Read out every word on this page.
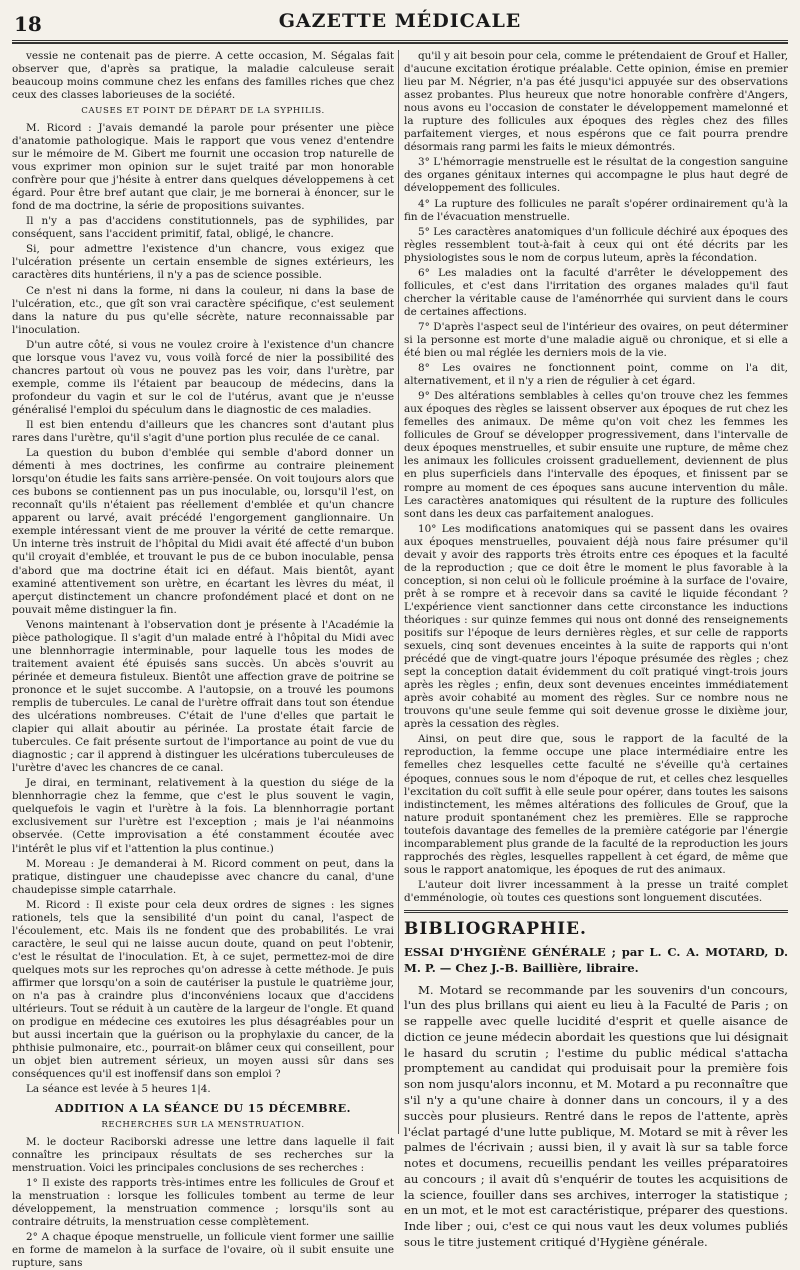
18	GAZETTE MÉDICALE

vessie ne contenait pas de pierre. A cette occasion, M. Ségalas fait observer que, d'après sa pratique, la maladie calculeuse serait beaucoup moins commune chez les enfans des familles riches que chez ceux des classes laborieuses de la société.

CAUSES ET POINT DE DÉPART DE LA SYPHILIS.

M. Ricord : J'avais demandé la parole pour présenter une pièce d'anatomie pathologique. Mais le rapport que vous venez d'entendre sur le mémoire de M. Gibert me fournit une occasion trop naturelle de vous exprimer mon opinion sur le sujet traité par mon honorable confrère pour que j'hésite à entrer dans quelques développemens à cet égard. Pour être bref autant que clair, je me bornerai à énoncer, sur le fond de ma doctrine, la série de propositions suivantes.

Il n'y a pas d'accidens constitutionnels, pas de syphilides, par conséquent, sans l'accident primitif, fatal, obligé, le chancre.

Si, pour admettre l'existence d'un chancre, vous exigez que l'ulcération présente un certain ensemble de signes extérieurs, les caractères dits huntériens, il n'y a pas de science possible.

Ce n'est ni dans la forme, ni dans la couleur, ni dans la base de l'ulcération, etc., que gît son vrai caractère spécifique, c'est seulement dans la nature du pus qu'elle sécrète, nature reconnaissable par l'inoculation.

D'un autre côté, si vous ne voulez croire à l'existence d'un chancre que lorsque vous l'avez vu, vous voilà forcé de nier la possibilité des chancres partout où vous ne pouvez pas les voir, dans l'urètre, par exemple, comme ils l'étaient par beaucoup de médecins, dans la profondeur du vagin et sur le col de l'utérus, avant que je n'eusse généralisé l'emploi du spéculum dans le diagnostic de ces maladies.

Il est bien entendu d'ailleurs que les chancres sont d'autant plus rares dans l'urètre, qu'il s'agit d'une portion plus reculée de ce canal.

La question du bubon d'emblée qui semble d'abord donner un démenti à mes doctrines, les confirme au contraire pleinement lorsqu'on étudie les faits sans arrière-pensée. On voit toujours alors que ces bubons se contiennent pas un pus inoculable, ou, lorsqu'il l'est, on reconnaît qu'ils n'étaient pas réellement d'emblée et qu'un chancre apparent ou larvé, avait précédé l'engorgement ganglionnaire. Un exemple intéressant vient de me prouver la vérité de cette remarque. Un interne très instruit de l'hôpital du Midi avait été affecté d'un bubon qu'il croyait d'emblée, et trouvant le pus de ce bubon inoculable, pensa d'abord que ma doctrine était ici en défaut. Mais bientôt, ayant examiné attentivement son urètre, en écartant les lèvres du méat, il aperçut distinctement un chancre profondément placé et dont on ne pouvait même distinguer la fin.

Venons maintenant à l'observation dont je présente à l'Académie la pièce pathologique. Il s'agit d'un malade entré à l'hôpital du Midi avec une blennhorragie interminable, pour laquelle tous les modes de traitement avaient été épuisés sans succès. Un abcès s'ouvrit au périnée et demeura fistuleux. Bientôt une affection grave de poitrine se prononce et le sujet succombe. A l'autopsie, on a trouvé les poumons remplis de tubercules. Le canal de l'urètre offrait dans tout son étendue des ulcérations nombreuses. C'était de l'une d'elles que partait le clapier qui allait aboutir au périnée. La prostate était farcie de tubercules. Ce fait présente surtout de l'importance au point de vue du diagnostic ; car il apprend à distinguer les ulcérations tuberculeuses de l'urètre d'avec les chancres de ce canal.

Je dirai, en terminant, relativement à la question du siége de la blennhorragie chez la femme, que c'est le plus souvent le vagin, quelquefois le vagin et l'urètre à la fois. La blennhorragie portant exclusivement sur l'urètre est l'exception ; mais je l'ai néanmoins observée. (Cette improvisation a été constamment écoutée avec l'intérêt le plus vif et l'attention la plus continue.)

M. Moreau : Je demanderai à M. Ricord comment on peut, dans la pratique, distinguer une chaudepisse avec chancre du canal, d'une chaudepisse simple catarrhale.

M. Ricord : Il existe pour cela deux ordres de signes : les signes rationels, tels que la sensibilité d'un point du canal, l'aspect de l'écoulement, etc. Mais ils ne fondent que des probabilités. Le vrai caractère, le seul qui ne laisse aucun doute, quand on peut l'obtenir, c'est le résultat de l'inoculation. Et, à ce sujet, permettez-moi de dire quelques mots sur les reproches qu'on adresse à cette méthode. Je puis affirmer que lorsqu'on a soin de cautériser la pustule le quatrième jour, on n'a pas à craindre plus d'inconvéniens locaux que d'accidens ultérieurs. Tout se réduit à un cautère de la largeur de l'ongle. Et quand on prodigue en médecine ces exutoires les plus désagréables pour un but aussi incertain que la guérison ou la prophylaxie du cancer, de la phthisie pulmonaire, etc., pourrait-on blâmer ceux qui conseillent, pour un objet bien autrement sérieux, un moyen aussi sûr dans ses conséquences qu'il est inoffensif dans son emploi ?

La séance est levée à 5 heures 1|4.

ADDITION A LA SÉANCE DU 15 DÉCEMBRE.
RECHERCHES SUR LA MENSTRUATION.

M. le docteur Raciborski adresse une lettre dans laquelle il fait connaître les principaux résultats de ses recherches sur la menstruation. Voici les principales conclusions de ses recherches :

1° Il existe des rapports très-intimes entre les follicules de Grouf et la menstruation : lorsque les follicules tombent au terme de leur développement, la menstruation commence ; lorsqu'ils sont au contraire détruits, la menstruation cesse complètement.

2° A chaque époque menstruelle, un follicule vient former une saillie en forme de mamelon à la surface de l'ovaire, où il subit ensuite une rupture, sans

qu'il y ait besoin pour cela, comme le prétendaient de Grouf et Haller, d'aucune excitation érotique préalable. Cette opinion, émise en premier lieu par M. Négrier, n'a pas été jusqu'ici appuyée sur des observations assez probantes. Plus heureux que notre honorable confrère d'Angers, nous avons eu l'occasion de constater le développement mamelonné et la rupture des follicules aux époques des règles chez des filles parfaitement vierges, et nous espérons que ce fait pourra prendre désormais rang parmi les faits le mieux démontrés.

3° L'hémorragie menstruelle est le résultat de la congestion sanguine des organes génitaux internes qui accompagne le plus haut degré de développement des follicules.

4° La rupture des follicules ne paraît s'opérer ordinairement qu'à la fin de l'évacuation menstruelle.

5° Les caractères anatomiques d'un follicule déchiré aux époques des règles ressemblent tout-à-fait à ceux qui ont été décrits par les physiologistes sous le nom de corpus luteum, après la fécondation.

6° Les maladies ont la faculté d'arrêter le développement des follicules, et c'est dans l'irritation des organes malades qu'il faut chercher la véritable cause de l'aménorrhée qui survient dans le cours de certaines affections.

7° D'après l'aspect seul de l'intérieur des ovaires, on peut déterminer si la personne est morte d'une maladie aiguë ou chronique, et si elle a été bien ou mal réglée les derniers mois de la vie.

8° Les ovaires ne fonctionnent point, comme on l'a dit, alternativement, et il n'y a rien de régulier à cet égard.

9° Des altérations semblables à celles qu'on trouve chez les femmes aux époques des règles se laissent observer aux époques de rut chez les femelles des animaux. De même qu'on voit chez les femmes les follicules de Grouf se développer progressivement, dans l'intervalle de deux époques menstruelles, et subir ensuite une rupture, de même chez les animaux les follicules croissent graduellement, deviennent de plus en plus superficiels dans l'intervalle des époques, et finissent par se rompre au moment de ces époques sans aucune intervention du mâle. Les caractères anatomiques qui résultent de la rupture des follicules sont dans les deux cas parfaitement analogues.

10° Les modifications anatomiques qui se passent dans les ovaires aux époques menstruelles, pouvaient déjà nous faire présumer qu'il devait y avoir des rapports très étroits entre ces époques et la faculté de la reproduction ; que ce doit être le moment le plus favorable à la conception, si non celui où le follicule proémine à la surface de l'ovaire, prêt à se rompre et à recevoir dans sa cavité le liquide fécondant ? L'expérience vient sanctionner dans cette circonstance les inductions théoriques : sur quinze femmes qui nous ont donné des renseignements positifs sur l'époque de leurs dernières règles, et sur celle de rapports sexuels, cinq sont devenues enceintes à la suite de rapports qui n'ont précédé que de vingt-quatre jours l'époque présumée des règles ; chez sept la conception datait évidemment du coït pratiqué vingt-trois jours après les règles ; enfin, deux sont devenues enceintes immédiatement après avoir cohabité au moment des règles. Sur ce nombre nous ne trouvons qu'une seule femme qui soit devenue grosse le dixième jour, après la cessation des règles.

Ainsi, on peut dire que, sous le rapport de la faculté de la reproduction, la femme occupe une place intermédiaire entre les femelles chez lesquelles cette faculté ne s'éveille qu'à certaines époques, connues sous le nom d'époque de rut, et celles chez lesquelles l'excitation du coït suffit à elle seule pour opérer, dans toutes les saisons indistinctement, les mêmes altérations des follicules de Grouf, que la nature produit spontanément chez les premières. Elle se rapproche toutefois davantage des femelles de la première catégorie par l'énergie incomparablement plus grande de la faculté de la reproduction les jours rapprochés des règles, lesquelles rappellent à cet égard, de même que sous le rapport anatomique, les époques de rut des animaux.

L'auteur doit livrer incessamment à la presse un traité complet d'emménologie, où toutes ces questions sont longuement discutées.

BIBLIOGRAPHIE.
ESSAI D'HYGIÈNE GÉNÉRALE ; par L. C. A. MOTARD, D. M. P. — Chez J.-B. Baillière, libraire.

M. Motard se recommande par les souvenirs d'un concours, l'un des plus brillans qui aient eu lieu à la Faculté de Paris ; on se rappelle avec quelle lucidité d'esprit et quelle aisance de diction ce jeune médecin abordait les questions que lui désignait le hasard du scrutin ; l'estime du public médical s'attacha promptement au candidat qui produisait pour la première fois son nom jusqu'alors inconnu, et M. Motard a pu reconnaître que s'il n'y a qu'une chaire à donner dans un concours, il y a des succès pour plusieurs. Rentré dans le repos de l'attente, après l'éclat partagé d'une lutte publique, M. Motard se mit à rêver les palmes de l'écrivain ; aussi bien, il y avait là sur sa table force notes et documens, recueillis pendant les veilles préparatoires au concours ; il avait dû s'enquérir de toutes les acquisitions de la science, fouiller dans ses archives, interroger la statistique ; en un mot, et le mot est caractéristique, préparer des questions. Inde liber ; oui, c'est ce qui nous vaut les deux volumes publiés sous le titre justement critiqué d'Hygiène générale.
